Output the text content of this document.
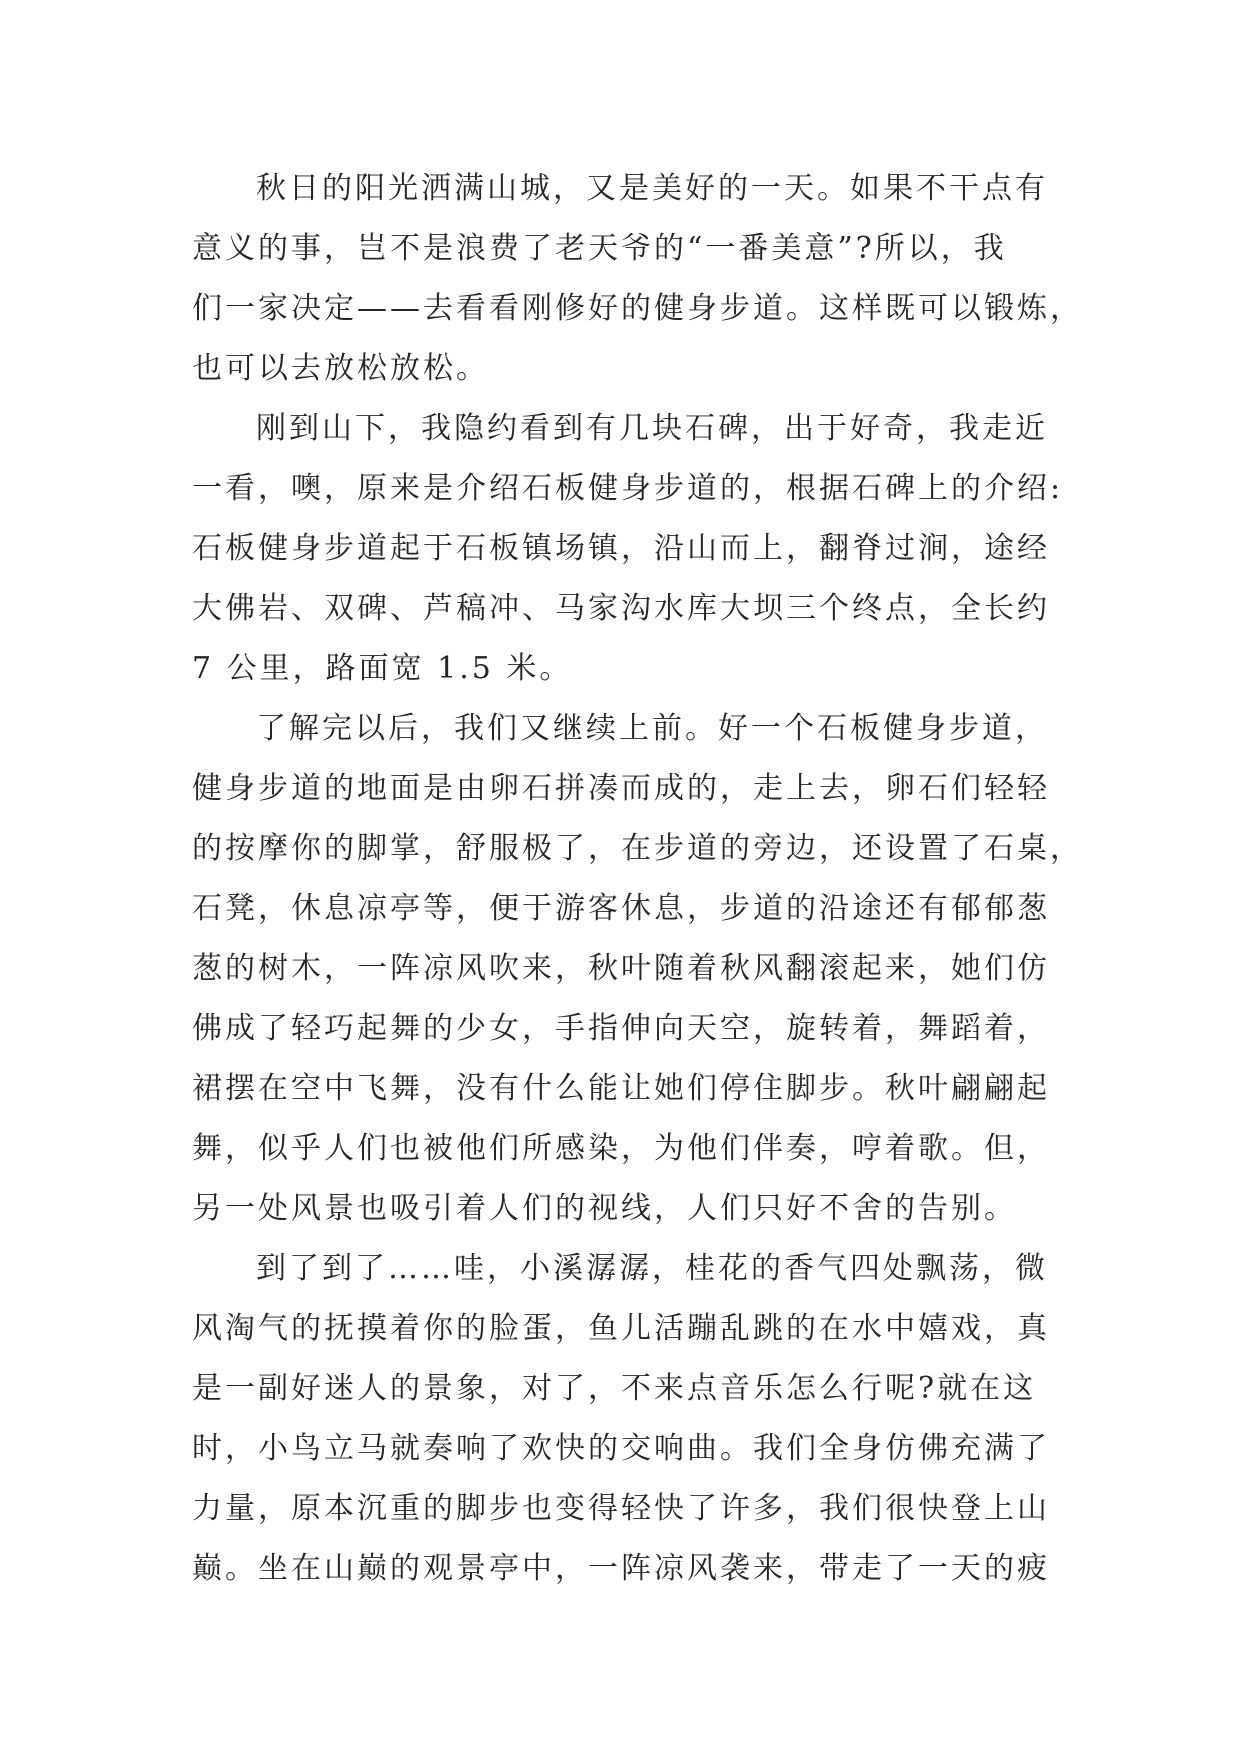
秋日的阳光洒满山城，又是美好的一天。如果不干点有
意义的事，岂不是浪费了老天爷的“一番美意”?所以，我
们一家决定——去看看刚修好的健身步道。这样既可以锻炼，
也可以去放松放松。
刚到山下，我隐约看到有几块石碑，出于好奇，我走近
一看，噢，原来是介绍石板健身步道的，根据石碑上的介绍:
石板健身步道起于石板镇场镇，沿山而上，翻脊过涧，途经
大佛岩、双碑、芦稿冲、马家沟水库大坝三个终点，全长约
7 公里，路面宽 1.5 米。
了解完以后，我们又继续上前。好一个石板健身步道，
健身步道的地面是由卵石拼凑而成的，走上去，卵石们轻轻
的按摩你的脚掌，舒服极了，在步道的旁边，还设置了石桌，
石凳，休息凉亭等，便于游客休息，步道的沿途还有郁郁葱
葱的树木，一阵凉风吹来，秋叶随着秋风翻滚起来，她们仿
佛成了轻巧起舞的少女，手指伸向天空，旋转着，舞蹈着，
裙摆在空中飞舞，没有什么能让她们停住脚步。秋叶翩翩起
舞，似乎人们也被他们所感染，为他们伴奏，哼着歌。但，
另一处风景也吸引着人们的视线，人们只好不舍的告别。
到了到了……哇，小溪潺潺，桂花的香气四处飘荡，微
风淘气的抚摸着你的脸蛋，鱼儿活蹦乱跳的在水中嬉戏，真
是一副好迷人的景象，对了，不来点音乐怎么行呢?就在这
时，小鸟立马就奏响了欢快的交响曲。我们全身仿佛充满了
力量，原本沉重的脚步也变得轻快了许多，我们很快登上山
巅。坐在山巅的观景亭中，一阵凉风袭来，带走了一天的疲
